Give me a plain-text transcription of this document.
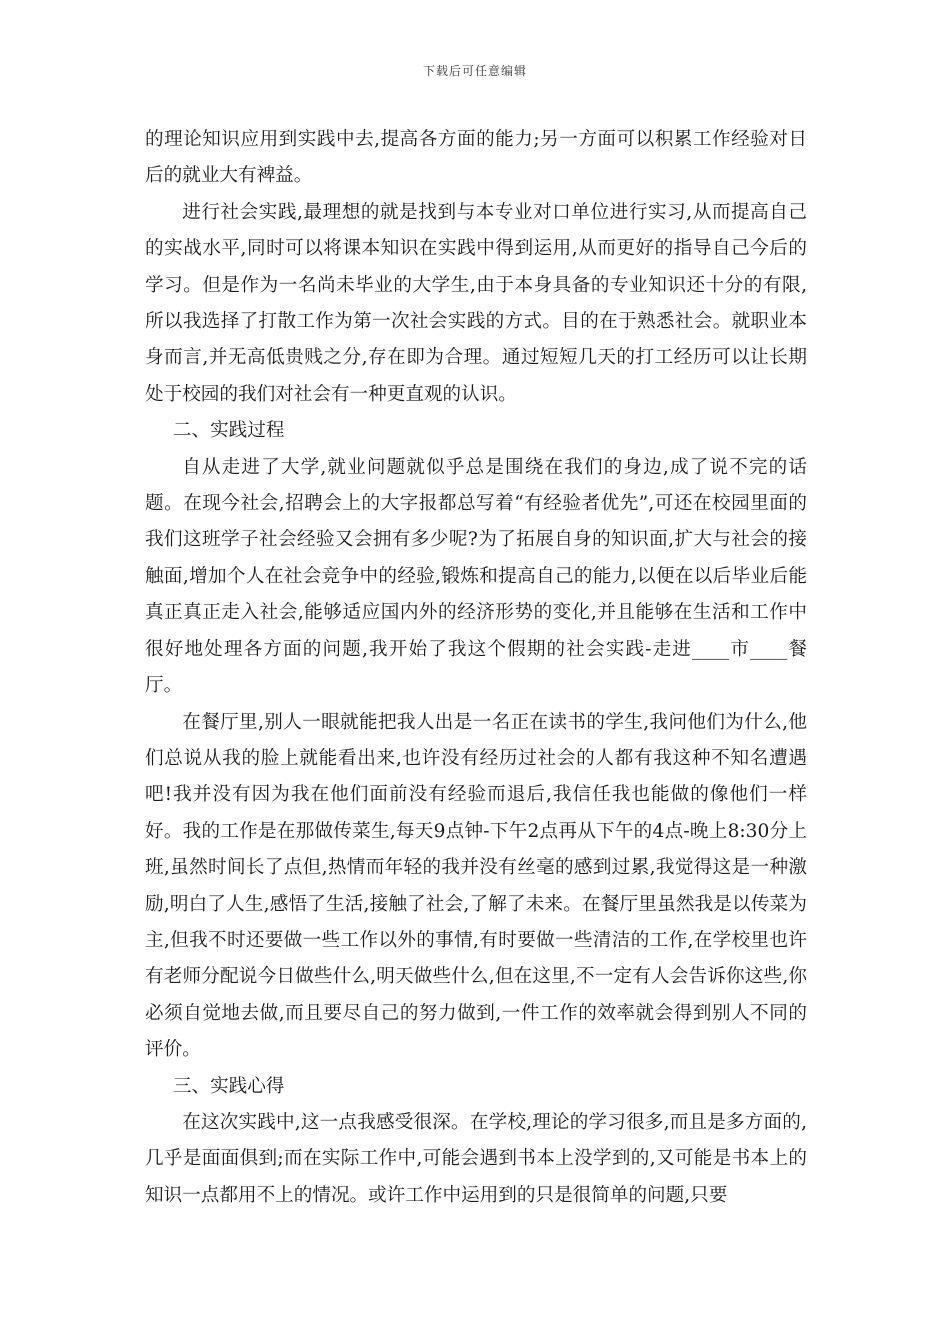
下载后可任意编辑

的理论知识应用到实践中去,提高各方面的能力;另一方面可以积累工作经验对日后的就业大有裨益。

进行社会实践,最理想的就是找到与本专业对口单位进行实习,从而提高自己的实战水平,同时可以将课本知识在实践中得到运用,从而更好的指导自己今后的学习。但是作为一名尚未毕业的大学生,由于本身具备的专业知识还十分的有限,所以我选择了打散工作为第一次社会实践的方式。目的在于熟悉社会。就职业本身而言,并无高低贵贱之分,存在即为合理。通过短短几天的打工经历可以让长期处于校园的我们对社会有一种更直观的认识。

二、实践过程

自从走进了大学,就业问题就似乎总是围绕在我们的身边,成了说不完的话题。在现今社会,招聘会上的大字报都总写着“有经验者优先”,可还在校园里面的我们这班学子社会经验又会拥有多少呢?为了拓展自身的知识面,扩大与社会的接触面,增加个人在社会竞争中的经验,锻炼和提高自己的能力,以便在以后毕业后能真正真正走入社会,能够适应国内外的经济形势的变化,并且能够在生活和工作中很好地处理各方面的问题,我开始了我这个假期的社会实践-走进____市____餐厅。

在餐厅里,别人一眼就能把我人出是一名正在读书的学生,我问他们为什么,他们总说从我的脸上就能看出来,也许没有经历过社会的人都有我这种不知名遭遇吧!我并没有因为我在他们面前没有经验而退后,我信任我也能做的像他们一样好。我的工作是在那做传菜生,每天9点钟-下午2点再从下午的4点-晚上8:30分上班,虽然时间长了点但,热情而年轻的我并没有丝毫的感到过累,我觉得这是一种激励,明白了人生,感悟了生活,接触了社会,了解了未来。在餐厅里虽然我是以传菜为主,但我不时还要做一些工作以外的事情,有时要做一些清洁的工作,在学校里也许有老师分配说今日做些什么,明天做些什么,但在这里,不一定有人会告诉你这些,你必须自觉地去做,而且要尽自己的努力做到,一件工作的效率就会得到别人不同的评价。

三、实践心得

在这次实践中,这一点我感受很深。在学校,理论的学习很多,而且是多方面的,几乎是面面俱到;而在实际工作中,可能会遇到书本上没学到的,又可能是书本上的知识一点都用不上的情况。或许工作中运用到的只是很简单的问题,只要
